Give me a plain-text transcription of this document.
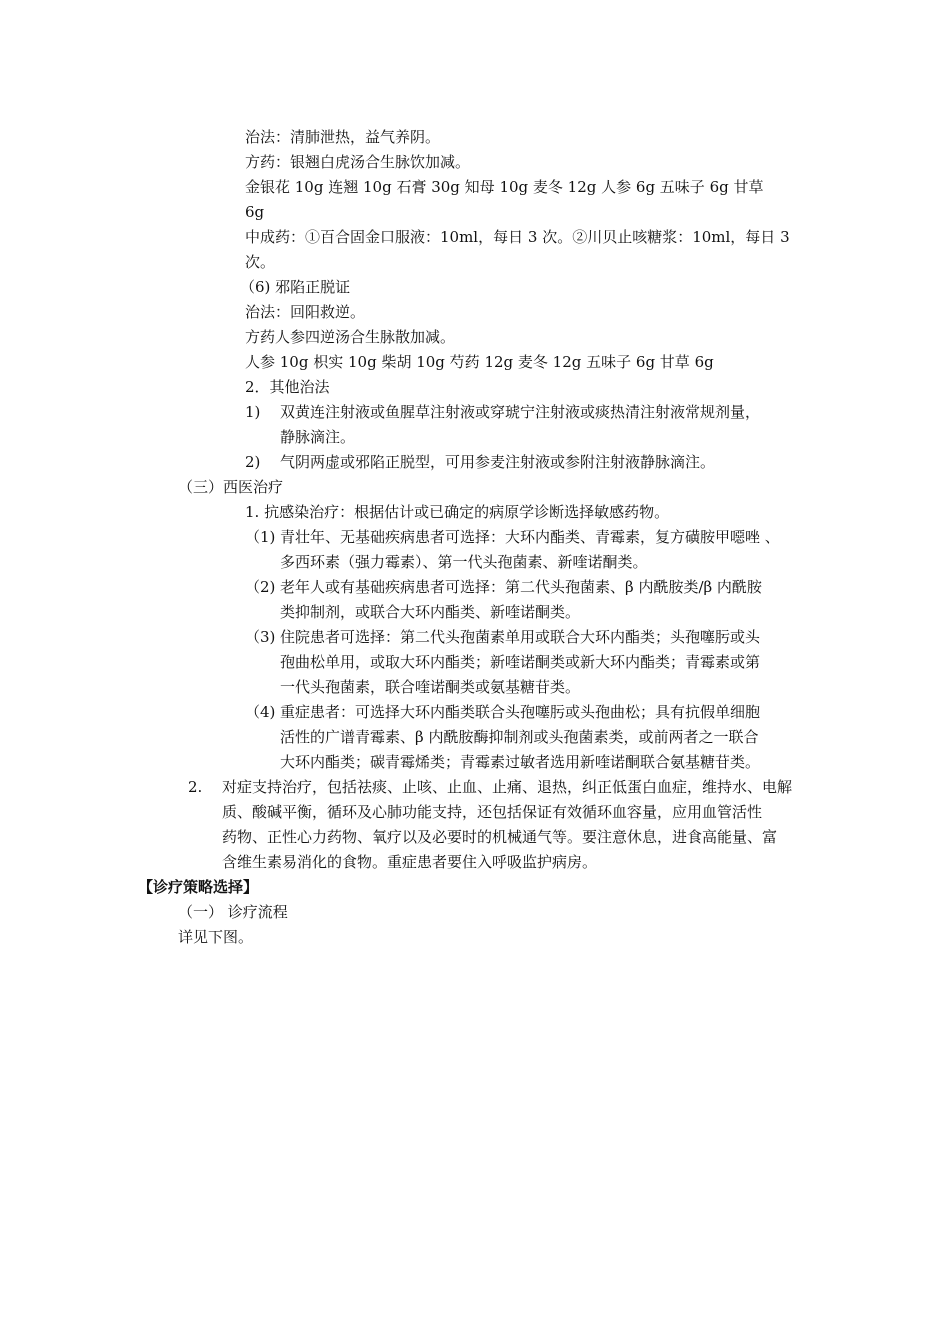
治法：清肺泄热，益气养阴。
方药：银翘白虎汤合生脉饮加减。
金银花 10g 连翘 10g 石膏 30g 知母 10g 麦冬 12g 人参 6g 五味子 6g 甘草
6g
中成药：①百合固金口服液：10ml，每日 3 次。②川贝止咳糖浆：10ml，每日 3
次。
（6) 邪陷正脱证
治法：回阳救逆。
方药人参四逆汤合生脉散加减。
人参 10g 枳实 10g 柴胡 10g 芍药 12g 麦冬 12g 五味子 6g 甘草 6g
2．其他治法
1) 双黄连注射液或鱼腥草注射液或穿琥宁注射液或痰热清注射液常规剂量，
静脉滴注。
2) 气阴两虚或邪陷正脱型，可用参麦注射液或参附注射液静脉滴注。
（三）西医治疗
1. 抗感染治疗：根据估计或已确定的病原学诊断选择敏感药物。
（1) 青壮年、无基础疾病患者可选择：大环内酯类、青霉素，复方磺胺甲噁唑 、
多西环素（强力霉素）、第一代头孢菌素、新喹诺酮类。
（2) 老年人或有基础疾病患者可选择：第二代头孢菌素、β 内酰胺类/β 内酰胺
类抑制剂，或联合大环内酯类、新喹诺酮类。
（3) 住院患者可选择：第二代头孢菌素单用或联合大环内酯类；头孢噻肟或头
孢曲松单用，或取大环内酯类；新喹诺酮类或新大环内酯类；青霉素或第
一代头孢菌素，联合喹诺酮类或氨基糖苷类。
（4) 重症患者：可选择大环内酯类联合头孢噻肟或头孢曲松；具有抗假单细胞
活性的广谱青霉素、β 内酰胺酶抑制剂或头孢菌素类，或前两者之一联合
大环内酯类；碳青霉烯类；青霉素过敏者选用新喹诺酮联合氨基糖苷类。
2. 对症支持治疗，包括祛痰、止咳、止血、止痛、退热，纠正低蛋白血症，维持水、电解
质、酸碱平衡，循环及心肺功能支持，还包括保证有效循环血容量，应用血管活性
药物、正性心力药物、氧疗以及必要时的机械通气等。要注意休息，进食高能量、富
含维生素易消化的食物。重症患者要住入呼吸监护病房。
【诊疗策略选择】
（一） 诊疗流程
详见下图。
